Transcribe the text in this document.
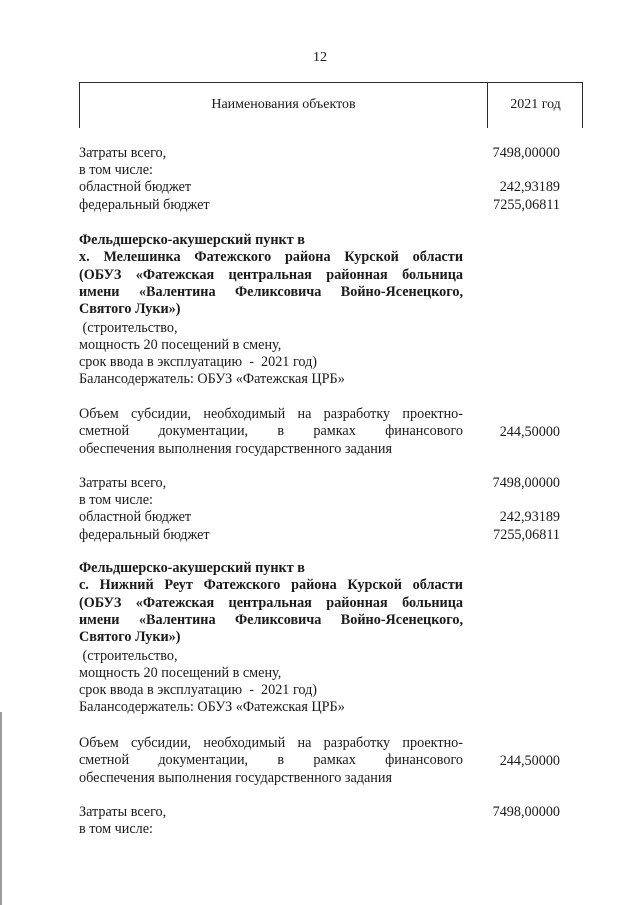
12
Наименования объектов	2021 год
Затраты всего,
в том числе:
областной бюджет
федеральный бюджет
7498,00000
242,93189
7255,06811
Фельдшерско-акушерский пункт в
х. Мелешинка Фатежского района Курской области
(ОБУЗ «Фатежская центральная районная больница
имени «Валентина Феликсовича Войно-Ясенецкого,
Святого Луки»)
(строительство,
мощность 20 посещений в смену,
срок ввода в эксплуатацию  -  2021 год)
Балансодержатель: ОБУЗ «Фатежская ЦРБ»
Объем субсидии, необходимый на разработку проектно-
сметной документации, в рамках финансового
обеспечения выполнения государственного задания
244,50000
Затраты всего,
в том числе:
областной бюджет
федеральный бюджет
7498,00000
242,93189
7255,06811
Фельдшерско-акушерский пункт в
с. Нижний Реут Фатежского района Курской области
(ОБУЗ «Фатежская центральная районная больница
имени «Валентина Феликсовича Войно-Ясенецкого,
Святого Луки»)
(строительство,
мощность 20 посещений в смену,
срок ввода в эксплуатацию  -  2021 год)
Балансодержатель: ОБУЗ «Фатежская ЦРБ»
Объем субсидии, необходимый на разработку проектно-
сметной документации, в рамках финансового
обеспечения выполнения государственного задания
244,50000
Затраты всего,
в том числе:
7498,00000
